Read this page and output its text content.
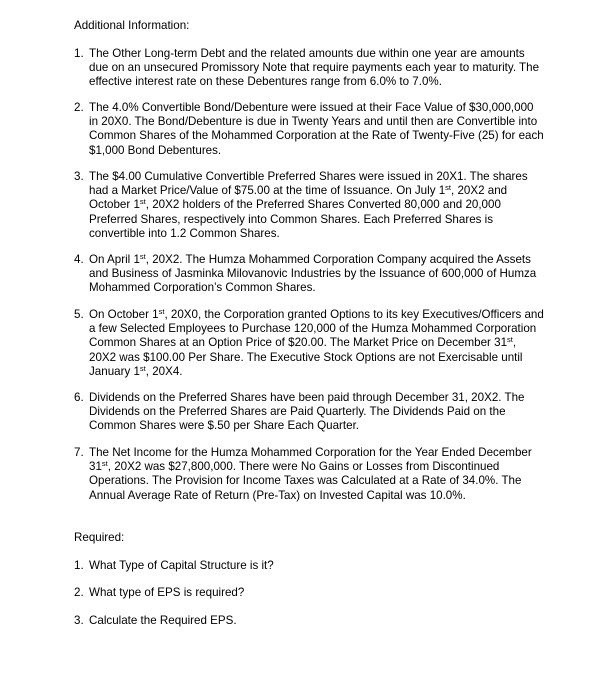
Additional Information:
1. The Other Long-term Debt and the related amounts due within one year are amounts due on an unsecured Promissory Note that require payments each year to maturity. The effective interest rate on these Debentures range from 6.0% to 7.0%.
2. The 4.0% Convertible Bond/Debenture were issued at their Face Value of $30,000,000 in 20X0. The Bond/Debenture is due in Twenty Years and until then are Convertible into Common Shares of the Mohammed Corporation at the Rate of Twenty-Five (25) for each $1,000 Bond Debentures.
3. The $4.00 Cumulative Convertible Preferred Shares were issued in 20X1. The shares had a Market Price/Value of $75.00 at the time of Issuance. On July 1st, 20X2 and October 1st, 20X2 holders of the Preferred Shares Converted 80,000 and 20,000 Preferred Shares, respectively into Common Shares. Each Preferred Shares is convertible into 1.2 Common Shares.
4. On April 1st, 20X2. The Humza Mohammed Corporation Company acquired the Assets and Business of Jasminka Milovanovic Industries by the Issuance of 600,000 of Humza Mohammed Corporation’s Common Shares.
5. On October 1st, 20X0, the Corporation granted Options to its key Executives/Officers and a few Selected Employees to Purchase 120,000 of the Humza Mohammed Corporation Common Shares at an Option Price of $20.00. The Market Price on December 31st, 20X2 was $100.00 Per Share. The Executive Stock Options are not Exercisable until January 1st, 20X4.
6. Dividends on the Preferred Shares have been paid through December 31, 20X2. The Dividends on the Preferred Shares are Paid Quarterly. The Dividends Paid on the Common Shares were $.50 per Share Each Quarter.
7. The Net Income for the Humza Mohammed Corporation for the Year Ended December 31st, 20X2 was $27,800,000. There were No Gains or Losses from Discontinued Operations. The Provision for Income Taxes was Calculated at a Rate of 34.0%. The Annual Average Rate of Return (Pre-Tax) on Invested Capital was 10.0%.
Required:
1. What Type of Capital Structure is it?
2. What type of EPS is required?
3. Calculate the Required EPS.
